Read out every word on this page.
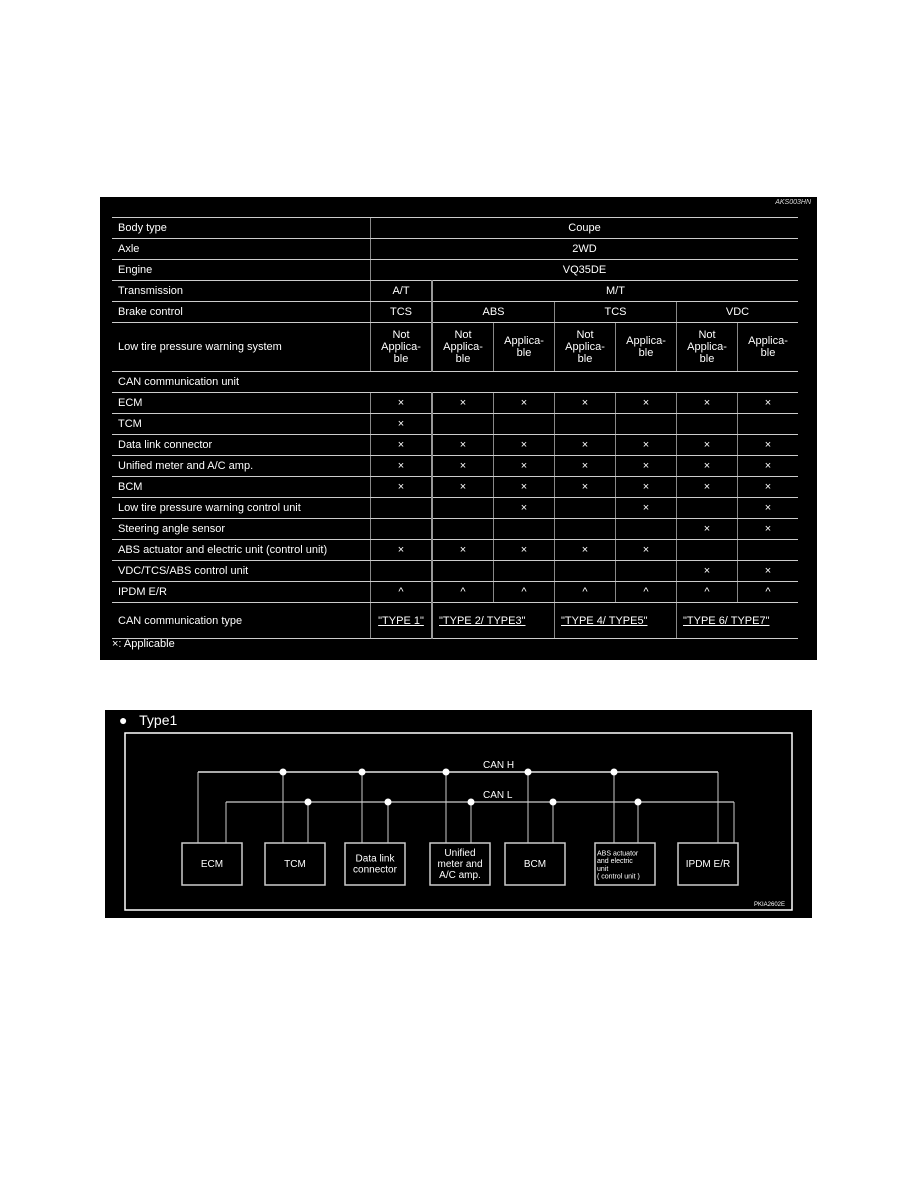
AKS003HN
Body type	Coupe						
Axle	2WD						
Engine	VQ35DE						
Transmission	A/T	M/T					
Brake control	TCS	ABS		TCS		VDC	
Low tire pressure warning system	Not Applica-ble	Not Applica-ble	Applica-ble	Not Applica-ble	Applica-ble	Not Applica-ble	Applica-ble
CAN communication unit							
ECM	×	×	×	×	×	×	×
TCM	×						
Data link connector	×	×	×	×	×	×	×
Unified meter and A/C amp.	×	×	×	×	×	×	×
BCM	×	×	×	×	×	×	×
Low tire pressure warning control unit			×		×		×
Steering angle sensor						×	×
ABS actuator and electric unit (control unit)	×	×	×	×	×		
VDC/TCS/ABS control unit						×	×
IPDM E/R	^	^	^	^	^	^	^
CAN communication type	"TYPE 1"	"TYPE 2/ TYPE3"		"TYPE 4/ TYPE5"		"TYPE 6/ TYPE7"	
×: Applicable
●   Type1
CAN H
CAN L
ECM	TCM	Data link
connector
Unified
meter and
A/C amp.
BCM
ABS actuator
and electric
unit
( control unit )
IPDM E/R
PKIA2602E
